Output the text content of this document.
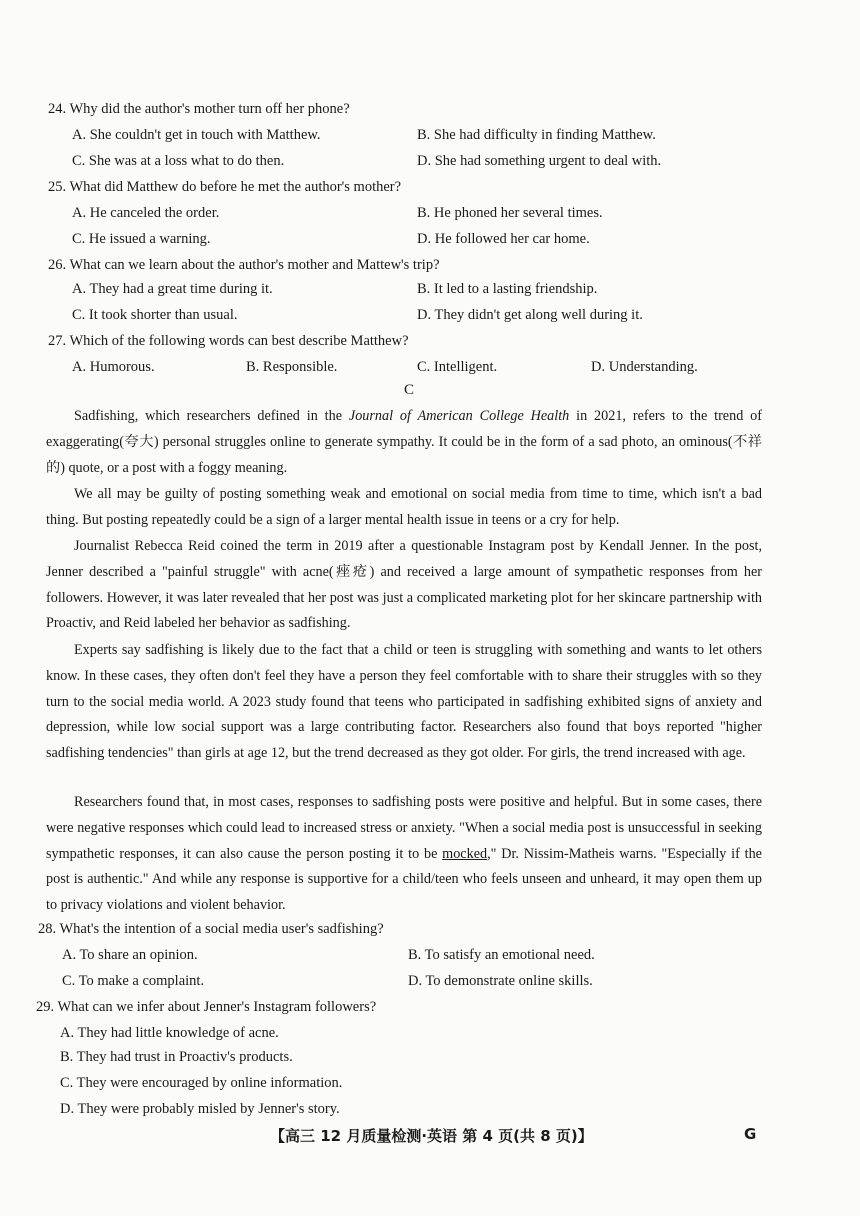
24. Why did the author's mother turn off her phone?
A. She couldn't get in touch with Matthew.	B. She had difficulty in finding Matthew.
C. She was at a loss what to do then.	D. She had something urgent to deal with.
25. What did Matthew do before he met the author's mother?
A. He canceled the order.	B. He phoned her several times.
C. He issued a warning.	D. He followed her car home.
26. What can we learn about the author's mother and Mattew's trip?
A. They had a great time during it.	B. It led to a lasting friendship.
C. It took shorter than usual.	D. They didn't get along well during it.
27. Which of the following words can best describe Matthew?
A. Humorous.	B. Responsible.	C. Intelligent.	D. Understanding.
C

Sadfishing, which researchers defined in the Journal of American College Health in 2021, refers to the trend of exaggerating(夸大) personal struggles online to generate sympathy. It could be in the form of a sad photo, an ominous(不祥的) quote, or a post with a foggy meaning.

We all may be guilty of posting something weak and emotional on social media from time to time, which isn't a bad thing. But posting repeatedly could be a sign of a larger mental health issue in teens or a cry for help.

Journalist Rebecca Reid coined the term in 2019 after a questionable Instagram post by Kendall Jenner. In the post, Jenner described a "painful struggle" with acne(痤疮) and received a large amount of sympathetic responses from her followers. However, it was later revealed that her post was just a complicated marketing plot for her skincare partnership with Proactiv, and Reid labeled her behavior as sadfishing.

Experts say sadfishing is likely due to the fact that a child or teen is struggling with something and wants to let others know. In these cases, they often don't feel they have a person they feel comfortable with to share their struggles with so they turn to the social media world. A 2023 study found that teens who participated in sadfishing exhibited signs of anxiety and depression, while low social support was a large contributing factor. Researchers also found that boys reported "higher sadfishing tendencies" than girls at age 12, but the trend decreased as they got older. For girls, the trend increased with age.

Researchers found that, in most cases, responses to sadfishing posts were positive and helpful. But in some cases, there were negative responses which could lead to increased stress or anxiety. "When a social media post is unsuccessful in seeking sympathetic responses, it can also cause the person posting it to be mocked," Dr. Nissim-Matheis warns. "Especially if the post is authentic." And while any response is supportive for a child/teen who feels unseen and unheard, it may open them up to privacy violations and violent behavior.

28. What's the intention of a social media user's sadfishing?
A. To share an opinion.	B. To satisfy an emotional need.
C. To make a complaint.	D. To demonstrate online skills.
29. What can we infer about Jenner's Instagram followers?
A. They had little knowledge of acne.
B. They had trust in Proactiv's products.
C. They were encouraged by online information.
D. They were probably misled by Jenner's story.
【高三 12 月质量检测·英语 第 4 页(共 8 页)】	G
